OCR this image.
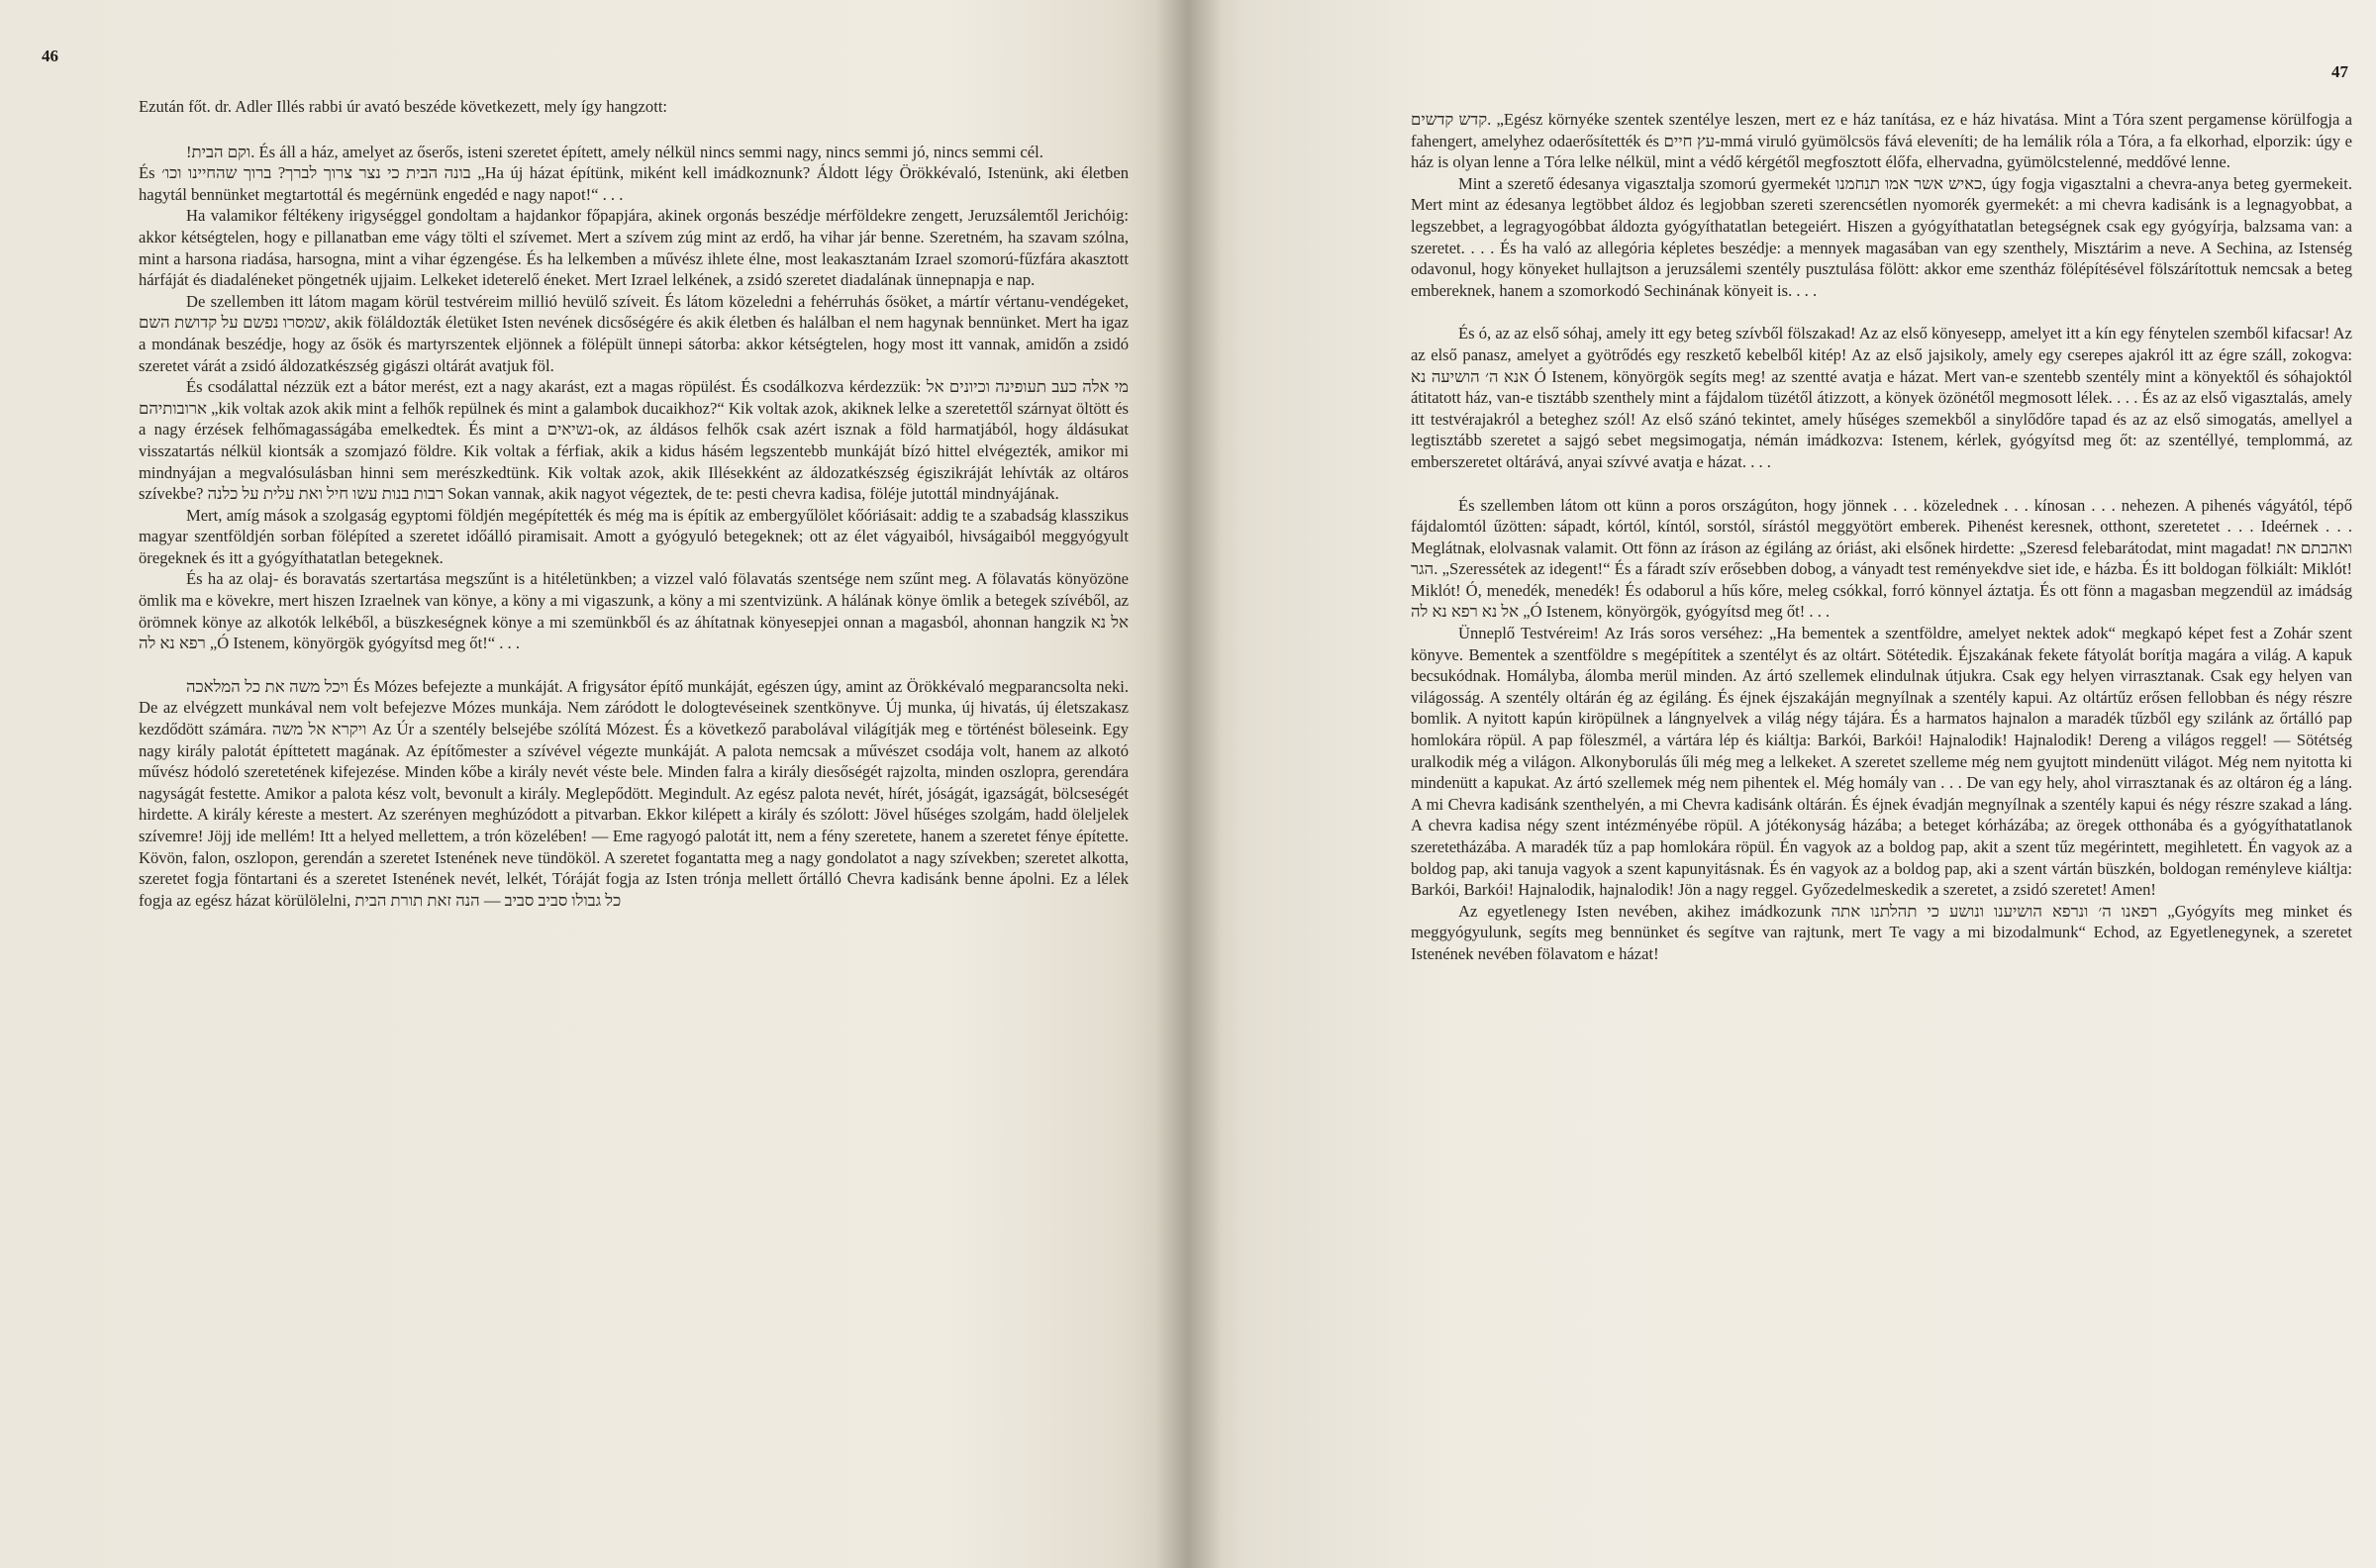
46

Ezután főt. dr. Adler Illés rabbi úr avató beszéde következett, mely így hangzott:

!וקם הבית. És áll a ház, amelyet az őserős, isteni szeretet épített, amely nélkül nincs semmi nagy, nincs semmi jó, nincs semmi cél.

És בונה הבית כי נצר צרוך לברך? ברוך שהחיינו וכו׳ „Ha új házat építünk, miként kell imádkoznunk? Áldott légy Örökkévaló, Istenünk, aki életben hagytál bennünket megtartottál és megérnünk engedéd e nagy napot!“ . . .

Ha valamikor féltékeny irigységgel gondoltam a hajdankor főpapjára, akinek orgonás beszédje mérföldekre zengett, Jeruzsálemtől Jerichóig: akkor kétségtelen, hogy e pillanatban eme vágy tölti el szívemet. Mert a szívem zúg mint az erdő, ha vihar jár benne. Szeretném, ha szavam szólna, mint a harsona riadása, harsogna, mint a vihar égzengése. És ha lelkemben a művész ihlete élne, most leakasztanám Izrael szomorú-fűzfára akasztott hárfáját és diadaléneket pöngetnék ujjaim. Lelkeket ideterelő éneket. Mert Izrael lelkének, a zsidó szeretet diadalának ünnepnapja e nap.

De szellemben itt látom magam körül testvéreim millió hevülő szíveit. És látom közeledni a fehérruhás ősöket, a mártír vértanu-vendégeket, שמסרו נפשם על קדושת השם, akik föláldozták életüket Isten nevének dicsőségére és akik életben és halálban el nem hagynak bennünket. Mert ha igaz a mondának beszédje, hogy az ősök és martyrszentek eljönnek a fölépült ünnepi sátorba: akkor kétségtelen, hogy most itt vannak, amidőn a zsidó szeretet várát a zsidó áldozatkészség gigászi oltárát avatjuk föl.

És csodálattal nézzük ezt a bátor merést, ezt a nagy akarást, ezt a magas röpülést. És csodálkozva kérdezzük: מי אלה כעב תעופינה וכיונים אל ארובותיהם „kik voltak azok akik mint a felhők repülnek és mint a galambok ducaikhoz?“ Kik voltak azok, akiknek lelke a szeretettől szárnyat öltött és a nagy érzések felhőmagasságába emelkedtek. És mint a נשיאים-ok, az áldásos felhők csak azért isznak a föld harmatjából, hogy áldásukat visszatartás nélkül kiontsák a szomjazó földre. Kik voltak a férfiak, akik a kidus hásém legszentebb munkáját bízó hittel elvégezték, amikor mi mindnyájan a megvalósulásban hinni sem merészkedtünk. Kik voltak azok, akik Illésekként az áldozatkészség égiszikráját lehívták az oltáros szívekbe? רבות בנות עשו חיל ואת עלית על כלנה Sokan vannak, akik nagyot végeztek, de te: pesti chevra kadisa, föléje jutottál mindnyájának.

Mert, amíg mások a szolgaság egyptomi földjén megépítették és még ma is építik az embergyűlölet kőóriásait: addig te a szabadság klasszikus magyar szentföldjén sorban fölépíted a szeretet időálló piramisait. Amott a gyógyuló betegeknek; ott az élet vágyaiból, hivságaiból meggyógyult öregeknek és itt a gyógyíthatatlan betegeknek.

És ha az olaj- és boravatás szertartása megszűnt is a hitéletünkben; a vizzel való fölavatás szentsége nem szűnt meg. A fölavatás könyözöne ömlik ma e kövekre, mert hiszen Izraelnek van könye, a köny a mi vigaszunk, a köny a mi szentvizünk. A hálának könye ömlik a betegek szívéből, az örömnek könye az alkotók lelkéből, a büszkeségnek könye a mi szemünkből és az áhítatnak könyesepjei onnan a magasból, ahonnan hangzik אל נא רפא נא לה „Ó Istenem, könyörgök gyógyítsd meg őt!“ . . .

ויכל משה את כל המלאכה És Mózes befejezte a munkáját. A frigysátor építő munkáját, egészen úgy, amint az Örökkévaló megparancsolta neki. De az elvégzett munkával nem volt befejezve Mózes munkája. Nem záródott le dologtevéseinek szentkönyve. Új munka, új hivatás, új életszakasz kezdődött számára. ויקרא אל משה Az Úr a szentély belsejébe szólítá Mózest. És a következő parabolával világítják meg e történést böleseink. Egy nagy király palotát építtetett magának. Az építőmester a szívével végezte munkáját. A palota nemcsak a művészet csodája volt, hanem az alkotó művész hódoló szeretetének kifejezése. Minden kőbe a király nevét véste bele. Minden falra a király diesőségét rajzolta, minden oszlopra, gerendára nagyságát festette. Amikor a palota kész volt, bevonult a király. Meglepődött. Megindult. Az egész palota nevét, hírét, jóságát, igazságát, bölcseségét hirdette. A király kéreste a mestert. Az szerényen meghúzódott a pitvarban. Ekkor kilépett a király és szólott: Jövel hűséges szolgám, hadd öleljelek szívemre! Jöjj ide mellém! Itt a helyed mellettem, a trón közelében! — Eme ragyogó palotát itt, nem a fény szeretete, hanem a szeretet fénye építette. Kövön, falon, oszlopon, gerendán a szeretet Istenének neve tündököl. A szeretet fogantatta meg a nagy gondolatot a nagy szívekben; szeretet alkotta, szeretet fogja föntartani és a szeretet Istenének nevét, lelkét, Tóráját fogja az Isten trónja mellett őrtálló Chevra kadisánk benne ápolni. Ez a lélek fogja az egész házat körülölelni, כל גבולו סביב סביב — הנה זאת תורת הבית

47

קדש קדשים. „Egész környéke szentek szentélye leszen, mert ez e ház tanítása, ez e ház hivatása. Mint a Tóra szent pergamense körülfogja a fahengert, amelyhez odaerősítették és עץ חיים-mmá viruló gyümölcsös fává eleveníti; de ha lemálik róla a Tóra, a fa elkorhad, elporzik: úgy e ház is olyan lenne a Tóra lelke nélkül, mint a védő kérgétől megfosztott élőfa, elhervadna, gyümölcstelenné, meddővé lenne.

Mint a szerető édesanya vigasztalja szomorú gyermekét כאיש אשר אמו תנחמנו, úgy fogja vigasztalni a chevra-anya beteg gyermekeit. Mert mint az édesanya legtöbbet áldoz és legjobban szereti szerencsétlen nyomorék gyermekét: a mi chevra kadisánk is a legnagyobbat, a legszebbet, a legragyogóbbat áldozta gyógyíthatatlan betegeiért. Hiszen a gyógyíthatatlan betegségnek csak egy gyógyírja, balzsama van: a szeretet. . . . És ha való az allegória képletes beszédje: a mennyek magasában van egy szenthely, Misztárim a neve. A Sechina, az Istenség odavonul, hogy könyeket hullajtson a jeruzsálemi szentély pusztulása fölött: akkor eme szentház fölépítésével fölszárítottuk nemcsak a beteg embereknek, hanem a szomorkodó Sechinának könyeit is. . . .

És ó, az az első sóhaj, amely itt egy beteg szívből fölszakad! Az az első könyesepp, amelyet itt a kín egy fénytelen szemből kifacsar! Az az első panasz, amelyet a gyötrődés egy reszkető kebelből kitép! Az az első jajsikoly, amely egy cserepes ajakról itt az égre száll, zokogva: אנא ה׳ הושיעה נא Ó Istenem, könyörgök segíts meg! az szentté avatja e házat. Mert van-e szentebb szentély mint a könyektől és sóhajoktól átitatott ház, van-e tisztább szenthely mint a fájdalom tüzétől átizzott, a könyek özönétől megmosott lélek. . . . És az az első vigasztalás, amely itt testvérajakról a beteghez szól! Az első szánó tekintet, amely hűséges szemekből a sinylődőre tapad és az az első simogatás, amellyel a legtisztább szeretet a sajgó sebet megsimogatja, némán imádkozva: Istenem, kérlek, gyógyítsd meg őt: az szentéllyé, templommá, az emberszeretet oltárává, anyai szívvé avatja e házat. . . .

És szellemben látom ott künn a poros országúton, hogy jönnek . . . közelednek . . . kínosan . . . nehezen. A pihenés vágyától, tépő fájdalomtól űzötten: sápadt, kórtól, kíntól, sorstól, sírástól meggyötört emberek. Pihenést keresnek, otthont, szeretetet . . . Ideérnek . . . Meglátnak, elolvasnak valamit. Ott fönn az íráson az égiláng az óriást, aki elsőnek hirdette: „Szeresd felebarátodat, mint magadat! ואהבתם את הגר. „Szeressétek az idegent!“ És a fáradt szív erősebben dobog, a ványadt test reményekdve siet ide, e házba. És itt boldogan fölkiált: Miklót! Miklót! Ó, menedék, menedék! És odaborul a hűs kőre, meleg csókkal, forró könnyel áztatja. És ott fönn a magasban megzendül az imádság אל נא רפא נא לה „Ó Istenem, könyörgök, gyógyítsd meg őt! . . .

Ünneplő Testvéreim! Az Irás soros verséhez: „Ha bementek a szentföldre, amelyet nektek adok“ megkapó képet fest a Zohár szent könyve. Bementek a szentföldre s megépítitek a szentélyt és az oltárt. Sötétedik. Éjszakának fekete fátyolát borítja magára a világ. A kapuk becsukódnak. Homályba, álomba merül minden. Az ártó szellemek elindulnak útjukra. Csak egy helyen virrasztanak. Csak egy helyen van világosság. A szentély oltárán ég az égiláng. És éjnek éjszakáján megnyílnak a szentély kapui. Az oltártűz erősen fellobban és négy részre bomlik. A nyitott kapún kiröpülnek a lángnyelvek a világ négy tájára. És a harmatos hajnalon a maradék tűzből egy szilánk az őrtálló pap homlokára röpül. A pap föleszmél, a vártára lép és kiáltja: Barkói, Barkói! Hajnalodik! Hajnalodik! Dereng a világos reggel! — Sötétség uralkodik még a világon. Alkonyborulás űli még meg a lelkeket. A szeretet szelleme még nem gyujtott mindenütt világot. Még nem nyitotta ki mindenütt a kapukat. Az ártó szellemek még nem pihentek el. Még homály van . . . De van egy hely, ahol virrasztanak és az oltáron ég a láng. A mi Chevra kadisánk szenthelyén, a mi Chevra kadisánk oltárán. És éjnek évadján megnyílnak a szentély kapui és négy részre szakad a láng. A chevra kadisa négy szent intézményébe röpül. A jótékonyság házába; a beteget kórházába; az öregek otthonába és a gyógyíthatatlanok szeretetházába. A maradék tűz a pap homlokára röpül. Én vagyok az a boldog pap, akit a szent tűz megérintett, megihletett. Én vagyok az a boldog pap, aki tanuja vagyok a szent kapunyitásnak. És én vagyok az a boldog pap, aki a szent vártán büszkén, boldogan reményleve kiáltja: Barkói, Barkói! Hajnalodik, hajnalodik! Jön a nagy reggel. Győzedelmeskedik a szeretet, a zsidó szeretet! Amen!

Az egyetlenegy Isten nevében, akihez imádkozunk רפאנו ה׳ ונרפא הושיענו ונושע כי תהלתנו אתה „Gyógyíts meg minket és meggyógyulunk, segíts meg bennünket és segítve van rajtunk, mert Te vagy a mi bizodalmunk“ Echod, az Egyetlenegynek, a szeretet Istenének nevében fölavatom e házat!
